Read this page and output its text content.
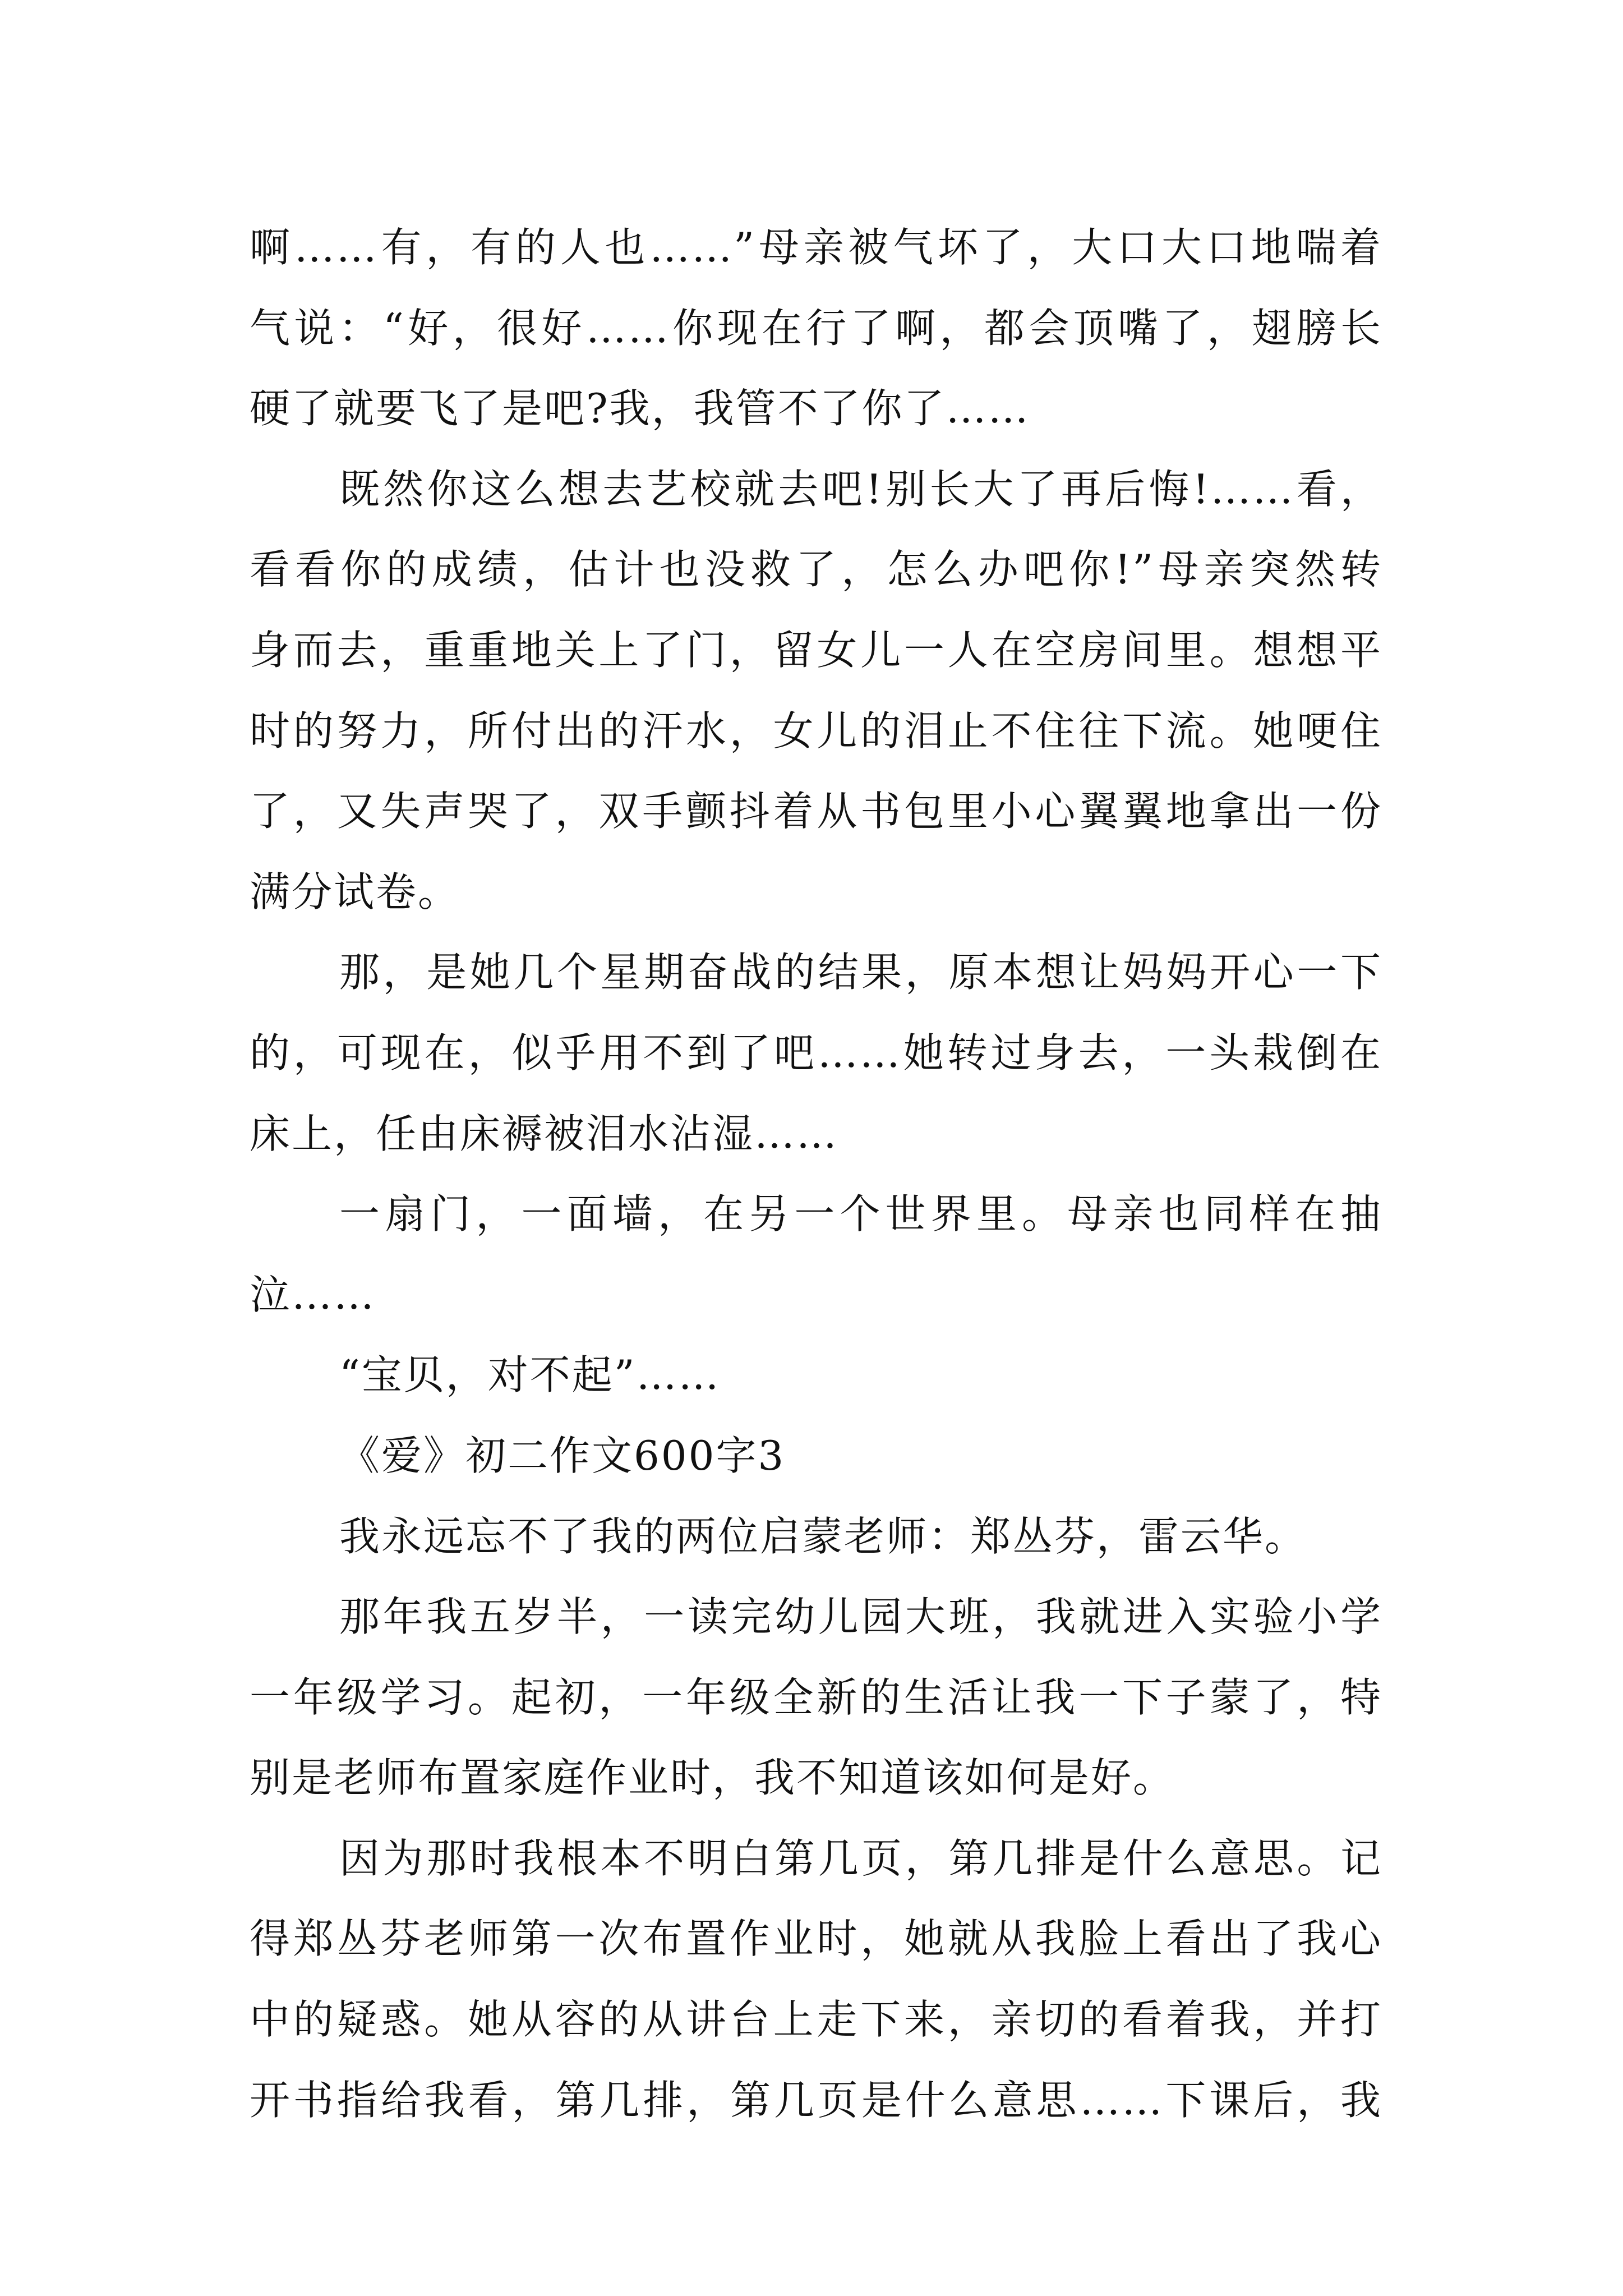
啊……有，有的人也……”母亲被气坏了，大口大口地喘着
气说：“好，很好……你现在行了啊，都会顶嘴了，翅膀长
硬了就要飞了是吧?我，我管不了你了……
既然你这么想去艺校就去吧!别长大了再后悔!……看，
看看你的成绩，估计也没救了，怎么办吧你!”母亲突然转
身而去，重重地关上了门，留女儿一人在空房间里。想想平
时的努力，所付出的汗水，女儿的泪止不住往下流。她哽住
了，又失声哭了，双手颤抖着从书包里小心翼翼地拿出一份
满分试卷。
那，是她几个星期奋战的结果，原本想让妈妈开心一下
的，可现在，似乎用不到了吧……她转过身去，一头栽倒在
床上，任由床褥被泪水沾湿……
一扇门，一面墙，在另一个世界里。母亲也同样在抽
泣……
“宝贝，对不起”……
《爱》初二作文600字3
我永远忘不了我的两位启蒙老师：郑丛芬，雷云华。
那年我五岁半，一读完幼儿园大班，我就进入实验小学
一年级学习。起初，一年级全新的生活让我一下子蒙了，特
别是老师布置家庭作业时，我不知道该如何是好。
因为那时我根本不明白第几页，第几排是什么意思。记
得郑丛芬老师第一次布置作业时，她就从我脸上看出了我心
中的疑惑。她从容的从讲台上走下来，亲切的看着我，并打
开书指给我看，第几排，第几页是什么意思……下课后，我
